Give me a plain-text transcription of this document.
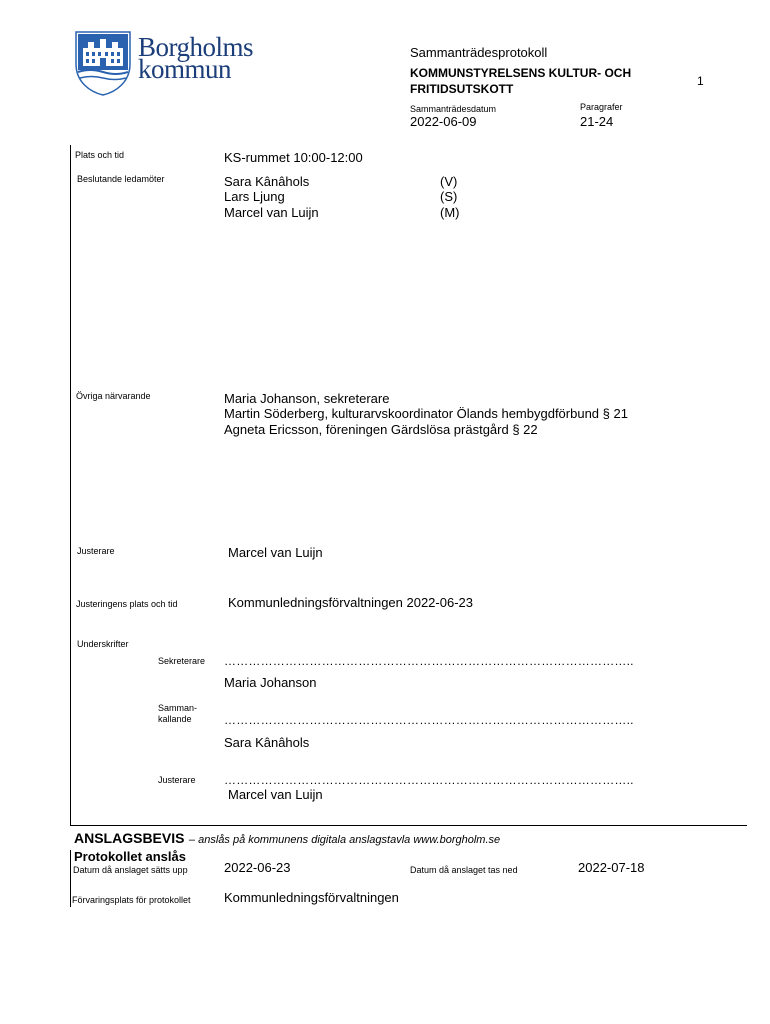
Borgholms
kommun
Sammanträdesprotokoll
KOMMUNSTYRELSENS KULTUR- OCH
FRITIDSUTSKOTT
1
Sammanträdesdatum
2022-06-09
Paragrafer
21-24
Plats och tid	KS-rummet 10:00-12:00
Beslutande ledamöter	Sara Kânâhols	(V)
Lars Ljung	(S)
Marcel van Luijn	(M)
Övriga närvarande	Maria Johanson, sekreterare
Martin Söderberg, kulturarvskoordinator Ölands hembygdförbund § 21
Agneta Ericsson, föreningen Gärdslösa prästgård § 22
Justerare	Marcel van Luijn
Justeringens plats och tid	Kommunledningsförvaltningen 2022-06-23
Underskrifter
Sekreterare ………………………………………………………………………………………..
Maria Johanson
Samman-
kallande	………………………………………………………………………………………..
Sara Kânâhols
Justerare ………………………………………………………………………………………..
Marcel van Luijn
ANSLAGSBEVIS – anslås på kommunens digitala anslagstavla www.borgholm.se
Protokollet anslås
Datum då anslaget sätts upp	2022-06-23	Datum då anslaget tas ned	2022-07-18
Förvaringsplats för protokollet	Kommunledningsförvaltningen
